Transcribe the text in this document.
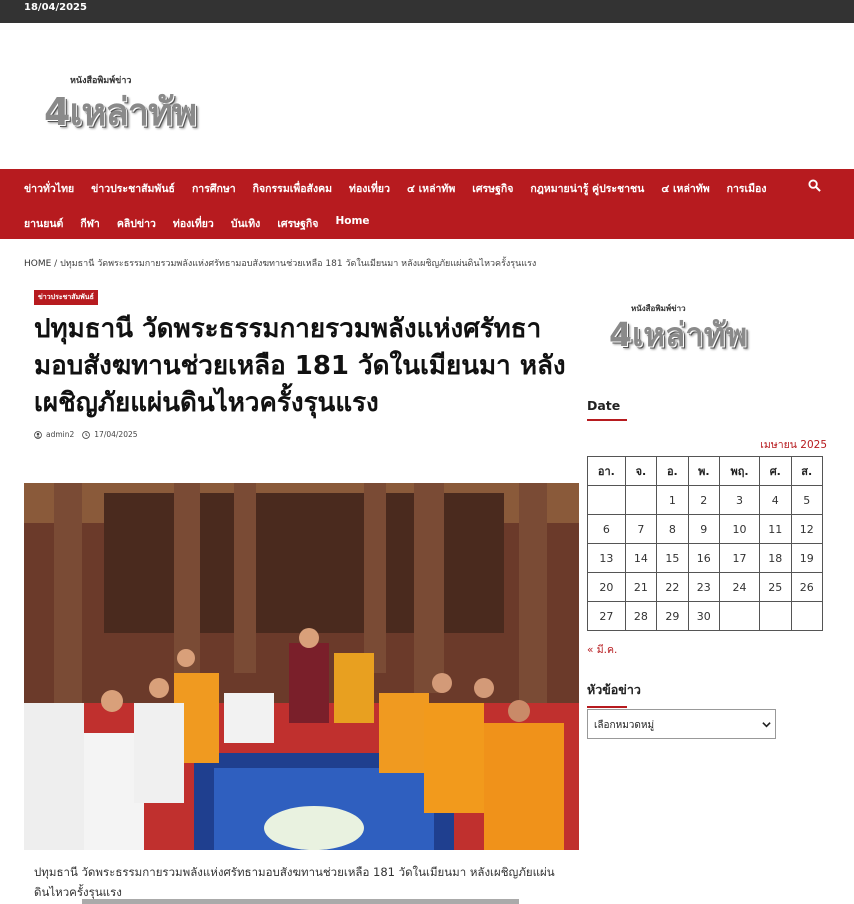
18/04/2025
หนังสือพิมพ์ข่าว
4เหล่าทัพ
ข่าวทั่วไทย ข่าวประชาสัมพันธ์ การศึกษา กิจกรรมเพื่อสังคม ท่องเที่ยว ๔ เหล่าทัพ เศรษฐกิจ กฎหมายน่ารู้ คู่ประชาชน ๔ เหล่าทัพ การเมือง
ยานยนต์ กีฬา คลิปข่าว ท่องเที่ยว บันเทิง เศรษฐกิจ Home
HOME / ปทุมธานี วัดพระธรรมกายรวมพลังแห่งศรัทธามอบสังฆทานช่วยเหลือ 181 วัดในเมียนมา หลังเผชิญภัยแผ่นดินไหวครั้งรุนแรง
ข่าวประชาสัมพันธ์
ปทุมธานี วัดพระธรรมกายรวมพลังแห่งศรัทธามอบสังฆทานช่วยเหลือ 181 วัดในเมียนมา หลังเผชิญภัยแผ่นดินไหวครั้งรุนแรง
admin2	17/04/2025

ปทุมธานี วัดพระธรรมกายรวมพลังแห่งศรัทธามอบสังฆทานช่วยเหลือ 181 วัดในเมียนมา หลังเผชิญภัยแผ่นดินไหวครั้งรุนแรง

หนังสือพิมพ์ข่าว
4เหล่าทัพ
Date
เมษายน 2025
อา.	จ.	อ.	พ.	พฤ.	ศ.	ส.
		1	2	3	4	5
6	7	8	9	10	11	12
13	14	15	16	17	18	19
20	21	22	23	24	25	26
27	28	29	30			
« มี.ค.
หัวข้อข่าว
เลือกหมวดหมู่
